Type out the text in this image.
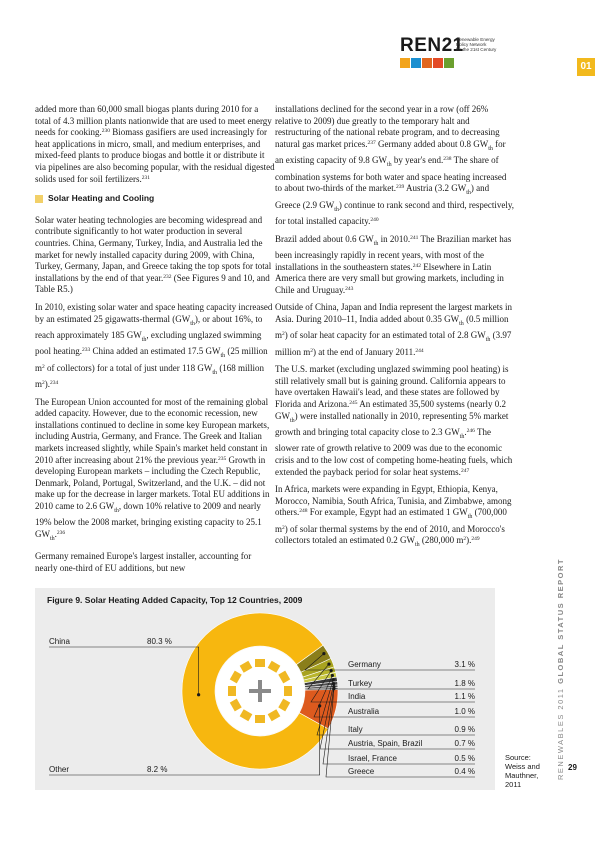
REN21
Renewable Energy
Policy Network
for the 21st Century
01

added more than 60,000 small biogas plants during 2010 for a total of 4.3 million plants nationwide that are used to meet energy needs for cooking.$^{230}$ Biomass gasifiers are used increasingly for heat applications in micro, small, and medium enterprises, and mixed-feed plants to produce biogas and bottle it or distribute it via pipelines are also becoming popular, with the residual digested solids used for soil fertilizers.$^{231}$

Solar Heating and Cooling

Solar water heating technologies are becoming widespread and contribute significantly to hot water production in several countries. China, Germany, Turkey, India, and Australia led the market for newly installed capacity during 2009, with China, Turkey, Germany, Japan, and Greece taking the top spots for total installations by the end of that year.$^{232}$ (See Figures 9 and 10, and Table R5.)

In 2010, existing solar water and space heating capacity increased by an estimated 25 gigawatts-thermal $(GW_{th})$, or about 16%, to reach approximately 185 $GW_{th}$, excluding unglazed swimming pool heating.$^{233}$ China added an estimated 17.5 $GW_{th}$ (25 million $m^2$ of collectors) for a total of just under 118 $GW_{th}$ (168 million $m^2).^{234}$

The European Union accounted for most of the remaining global added capacity. However, due to the economic recession, new installations continued to decline in some key European markets, including Austria, Germany, and France. The Greek and Italian markets increased slightly, while Spain's market held constant in 2010 after increasing about 21% the previous year.$^{235}$ Growth in developing European markets – including the Czech Republic, Denmark, Poland, Portugal, Switzerland, and the U.K. – did not make up for the decrease in larger markets. Total EU additions in 2010 came to 2.6 $GW_{th}$, down 10% relative to 2009 and nearly 19% below the 2008 market, bringing existing capacity to 25.1 $GW_{th}.^{236}$

Germany remained Europe's largest installer, accounting for nearly one-third of EU additions, but new

installations declined for the second year in a row (off 26% relative to 2009) due greatly to the temporary halt and restructuring of the national rebate program, and to decreasing natural gas market prices.$^{237}$ Germany added about 0.8 $GW_{th}$ for an existing capacity of 9.8 $GW_{th}$ by year's end.$^{238}$ The share of combination systems for both water and space heating increased to about two-thirds of the market.$^{239}$ Austria (3.2 $GW_{th}$) and Greece (2.9 $GW_{th}$) continue to rank second and third, respectively, for total installed capacity.$^{240}$

Brazil added about 0.6 $GW_{th}$ in 2010.$^{241}$ The Brazilian market has been increasingly rapidly in recent years, with most of the installations in the southeastern states.$^{242}$ Elsewhere in Latin America there are very small but growing markets, including in Chile and Uruguay.$^{243}$

Outside of China, Japan and India represent the largest markets in Asia. During 2010–11, India added about 0.35 $GW_{th}$ (0.5 million $m^2$) of solar heat capacity for an estimated total of 2.8 $GW_{th}$ (3.97 million $m^2$) at the end of January 2011.$^{244}$

The U.S. market (excluding unglazed swimming pool heating) is still relatively small but is gaining ground. California appears to have overtaken Hawaii's lead, and these states are followed by Florida and Arizona.$^{245}$ An estimated 35,500 systems (nearly 0.2 $GW_{th}$) were installed nationally in 2010, representing 5% market growth and bringing total capacity close to 2.3 $GW_{th}.^{246}$ The slower rate of growth relative to 2009 was due to the economic crisis and to the low cost of competing home-heating fuels, which extended the payback period for solar heat systems.$^{247}$

In Africa, markets were expanding in Egypt, Ethiopia, Kenya, Morocco, Namibia, South Africa, Tunisia, and Zimbabwe, among others.$^{248}$ For example, Egypt had an estimated 1 $GW_{th}$ (700,000 $m^2$) of solar thermal systems by the end of 2010, and Morocco's collectors totaled an estimated 0.2 $GW_{th}$ (280,000 $m^2).^{249}$

Figure 9. Solar Heating Added Capacity, Top 12 Countries, 2009
China	80.3 %
Other	8.2 %
Germany	3.1 %
Turkey	1.8 %
India	1.1 %
Australia	1.0 %
Italy	0.9 %
Austria, Spain, Brazil	0.7 %
Israel, France	0.5 %
Greece	0.4 %
Source:
Weiss and
Mauthner,
2011
RENEWABLES 2011 GLOBAL STATUS REPORT
29
